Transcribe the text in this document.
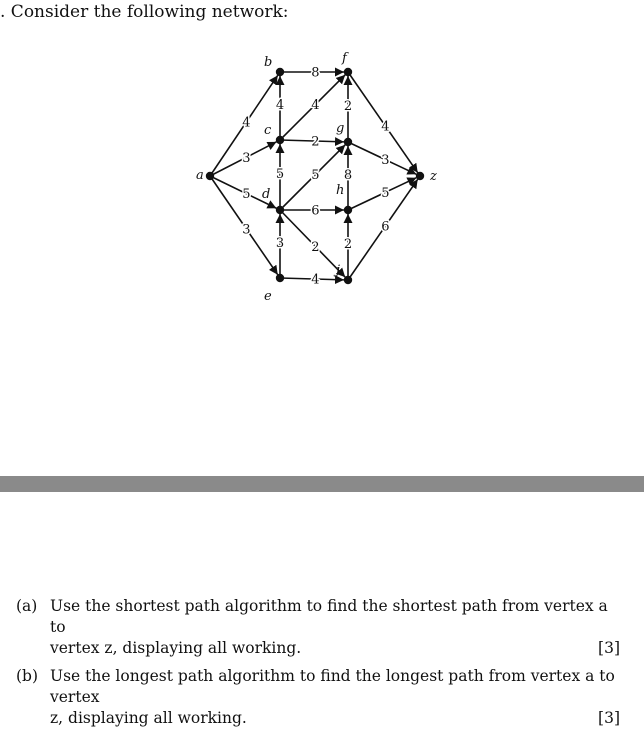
. Consider the following network:
4
3
5
3
8
4 4
2
5 5
6
2
3
4
2
8
2
4
3
5
6
a
b
c
d
e
f
g
h
j
z
(a) Use the shortest path algorithm to find the shortest path from vertex a to
vertex z, displaying all working.	[3]
(b) Use the longest path algorithm to find the longest path from vertex a to vertex
z, displaying all working.	[3]
